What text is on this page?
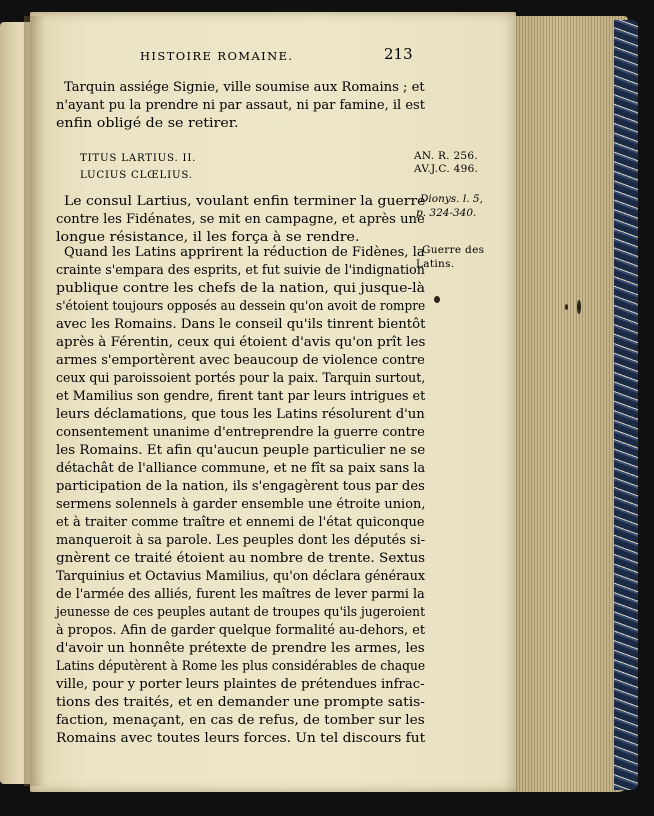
HISTOIRE ROMAINE.	213
Tarquin assiége Signie, ville soumise aux Romains ; et
n'ayant pu la prendre ni par assaut, ni par famine, il est
enfin obligé de se retirer.
TITUS LARTIUS. II.
LUCIUS CLŒLIUS.
AN. R. 256.
AV.J.C. 496.
Dionys. l. 5,
p. 324-340.
Guerre des
Latins.
Le consul Lartius, voulant enfin terminer la guerre
contre les Fidénates, se mit en campagne, et après une
longue résistance, il les força à se rendre.
Quand les Latins apprirent la réduction de Fidènes, la
crainte s'empara des esprits, et fut suivie de l'indignation
publique contre les chefs de la nation, qui jusque-là
s'étoient toujours opposés au dessein qu'on avoit de rompre
avec les Romains. Dans le conseil qu'ils tinrent bientôt
après à Férentin, ceux qui étoient d'avis qu'on prît les
armes s'emportèrent avec beaucoup de violence contre
ceux qui paroissoient portés pour la paix. Tarquin surtout,
et Mamilius son gendre, firent tant par leurs intrigues et
leurs déclamations, que tous les Latins résolurent d'un
consentement unanime d'entreprendre la guerre contre
les Romains. Et afin qu'aucun peuple particulier ne se
détachât de l'alliance commune, et ne fît sa paix sans la
participation de la nation, ils s'engagèrent tous par des
sermens solennels à garder ensemble une étroite union,
et à traiter comme traître et ennemi de l'état quiconque
manqueroit à sa parole. Les peuples dont les députés si-
gnèrent ce traité étoient au nombre de trente. Sextus
Tarquinius et Octavius Mamilius, qu'on déclara généraux
de l'armée des alliés, furent les maîtres de lever parmi la
jeunesse de ces peuples autant de troupes qu'ils jugeroient
à propos. Afin de garder quelque formalité au-dehors, et
d'avoir un honnête prétexte de prendre les armes, les
Latins députèrent à Rome les plus considérables de chaque
ville, pour y porter leurs plaintes de prétendues infrac-
tions des traités, et en demander une prompte satis-
faction, menaçant, en cas de refus, de tomber sur les
Romains avec toutes leurs forces. Un tel discours fut
